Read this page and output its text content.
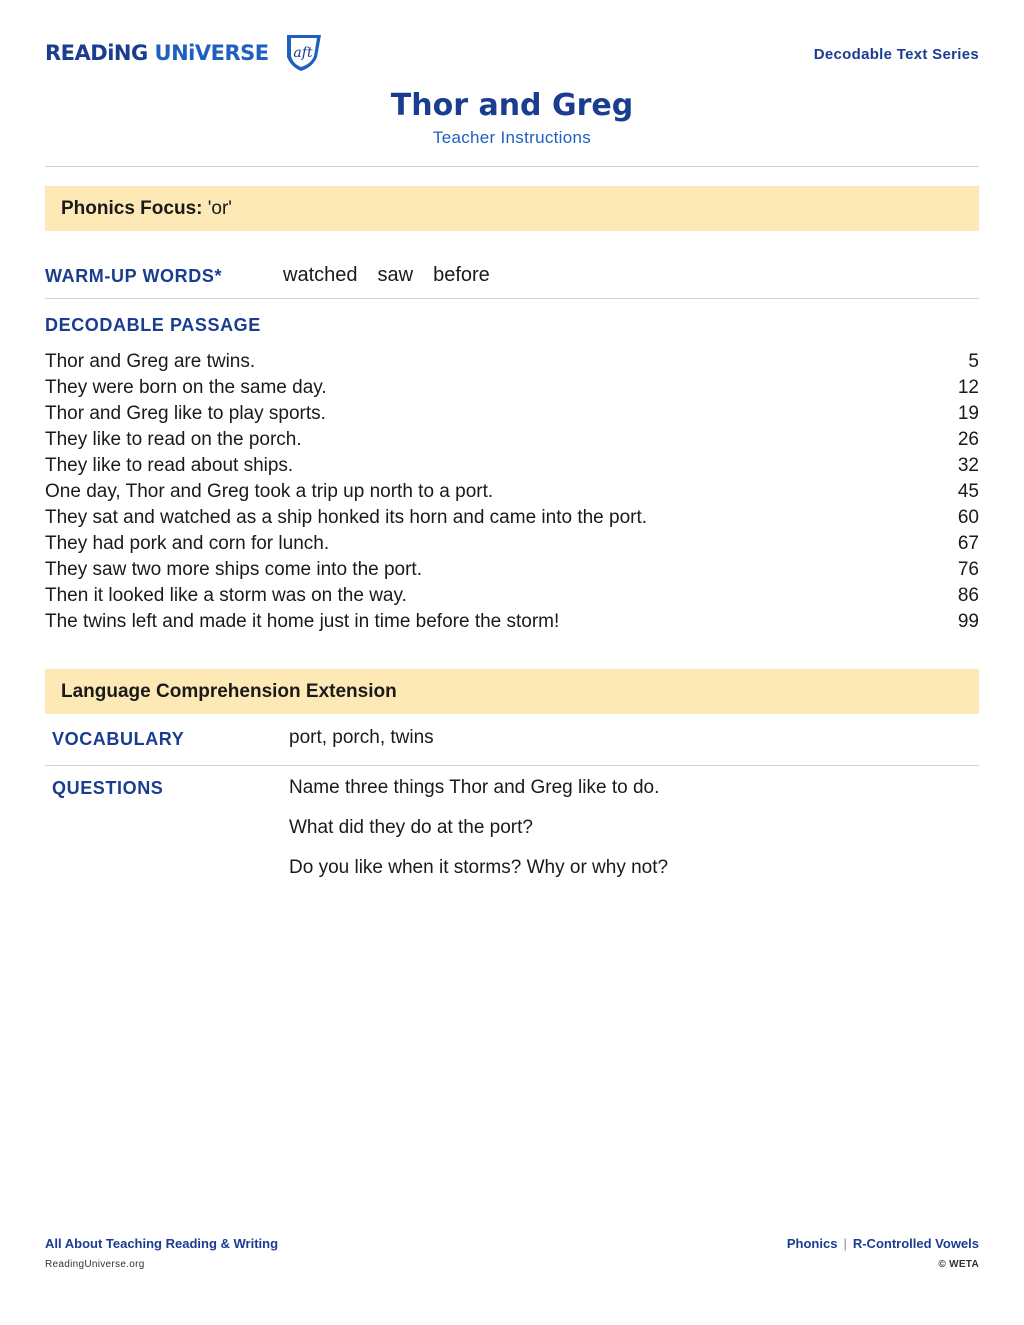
READiNG UNiVERSE aft	Decodable Text Series
Thor and Greg
Teacher Instructions
Phonics Focus: 'or'
WARM-UP WORDS*	watched saw before
DECODABLE PASSAGE
Thor and Greg are twins.	5
They were born on the same day.	12
Thor and Greg like to play sports.	19
They like to read on the porch.	26
They like to read about ships.	32
One day, Thor and Greg took a trip up north to a port.	45
They sat and watched as a ship honked its horn and came into the port.	60
They had pork and corn for lunch.	67
They saw two more ships come into the port.	76
Then it looked like a storm was on the way.	86
The twins left and made it home just in time before the storm!	99
Language Comprehension Extension
VOCABULARY	port, porch, twins
QUESTIONS	Name three things Thor and Greg like to do.
What did they do at the port?
Do you like when it storms? Why or why not?
All About Teaching Reading & Writing
ReadingUniverse.org
Phonics | R-Controlled Vowels
© WETA
